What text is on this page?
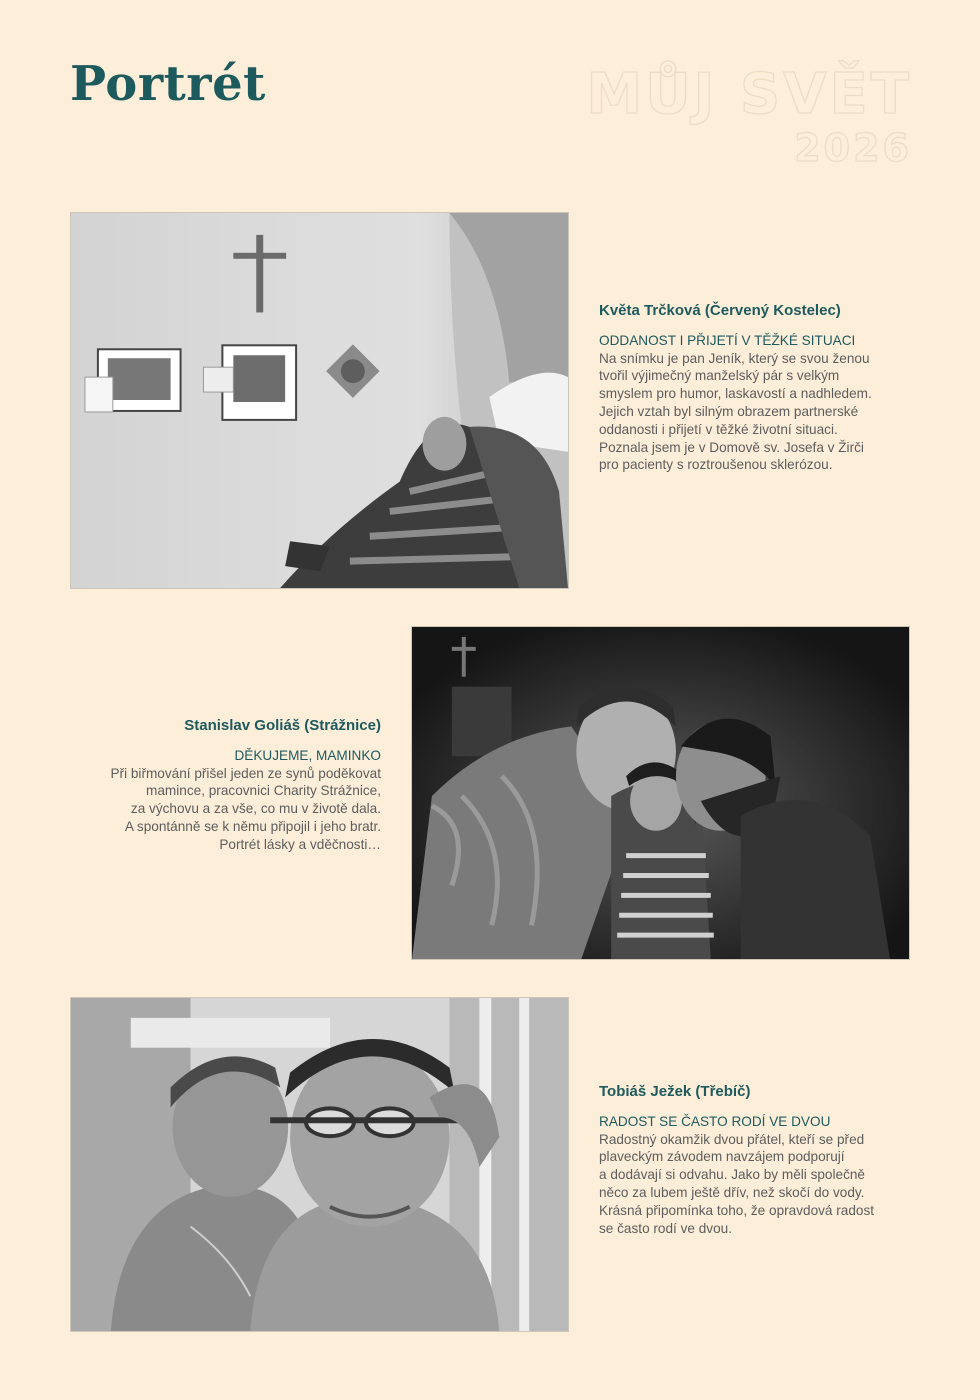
Portrét	MŮJ SVĚT
2026
Květa Trčková (Červený Kostelec)
ODDANOST I PŘIJETÍ V TĚŽKÉ SITUACI
Na snímku je pan Jeník, který se svou ženou
tvořil výjimečný manželský pár s velkým
smyslem pro humor, laskavostí a nadhledem.
Jejich vztah byl silným obrazem partnerské
oddanosti i přijetí v těžké životní situaci.
Poznala jsem je v Domově sv. Josefa v Žirči
pro pacienty s roztroušenou sklerózou.
Stanislav Goliáš (Strážnice)
DĚKUJEME, MAMINKO
Při biřmování přišel jeden ze synů poděkovat
mamince, pracovnici Charity Strážnice,
za výchovu a za vše, co mu v životě dala.
A spontánně se k němu připojil i jeho bratr.
Portrét lásky a vděčnosti…
Tobiáš Ježek (Třebíč)
RADOST SE ČASTO RODÍ VE DVOU
Radostný okamžik dvou přátel, kteří se před
plaveckým závodem navzájem podporují
a dodávají si odvahu. Jako by měli společně
něco za lubem ještě dřív, než skočí do vody.
Krásná připomínka toho, že opravdová radost
se často rodí ve dvou.
